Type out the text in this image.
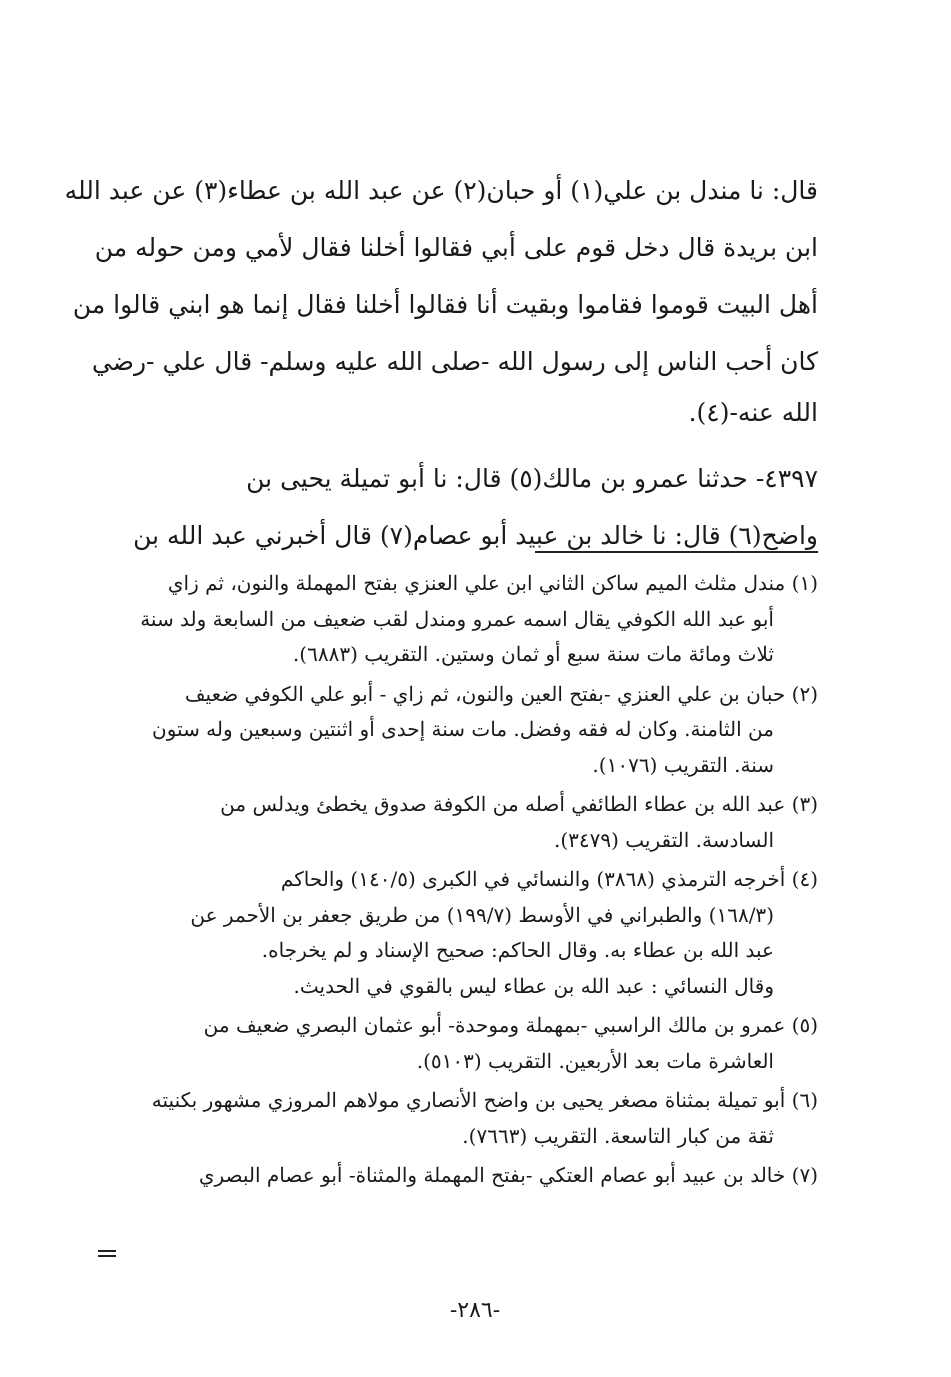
قال: نا مندل بن علي(١) أو حبان(٢) عن عبد الله بن عطاء(٣) عن عبد الله
ابن بريدة قال دخل قوم على أبي فقالوا أخلنا فقال لأمي ومن حوله من
أهل البيت قوموا فقاموا وبقيت أنا فقالوا أخلنا فقال إنما هو ابني قالوا من
كان أحب الناس إلى رسول الله -صلى الله عليه وسلم- قال علي -رضي
الله عنه-(٤).
٤٣٩٧- حدثنا عمرو بن مالك(٥) قال: نا أبو تميلة يحيى بن
واضح(٦) قال: نا خالد بن عبيد أبو عصام(٧) قال أخبرني عبد الله بن
(١) مندل مثلث الميم ساكن الثاني ابن علي العنزي بفتح المهملة والنون، ثم زاي
أبو عبد الله الكوفي يقال اسمه عمرو ومندل لقب ضعيف من السابعة ولد سنة
ثلاث ومائة مات سنة سبع أو ثمان وستين. التقريب (٦٨٨٣).
(٢) حبان بن علي العنزي -بفتح العين والنون، ثم زاي - أبو علي الكوفي ضعيف
من الثامنة. وكان له فقه وفضل. مات سنة إحدى أو اثنتين وسبعين وله ستون
سنة. التقريب (١٠٧٦).
(٣) عبد الله بن عطاء الطائفي أصله من الكوفة صدوق يخطئ ويدلس من
السادسة. التقريب (٣٤٧٩).
(٤) أخرجه الترمذي (٣٨٦٨) والنسائي في الكبرى (١٤٠/٥) والحاكم
(١٦٨/٣) والطبراني في الأوسط (١٩٩/٧) من طريق جعفر بن الأحمر عن
عبد الله بن عطاء به. وقال الحاكم: صحيح الإسناد و لم يخرجاه.
وقال النسائي : عبد الله بن عطاء ليس بالقوي في الحديث.
(٥) عمرو بن مالك الراسبي -بمهملة وموحدة- أبو عثمان البصري ضعيف من
العاشرة مات بعد الأربعين. التقريب (٥١٠٣).
(٦) أبو تميلة بمثناة مصغر يحيى بن واضح الأنصاري مولاهم المروزي مشهور بكنيته
ثقة من كبار التاسعة. التقريب (٧٦٦٣).
(٧) خالد بن عبيد أبو عصام العتكي -بفتح المهملة والمثناة- أبو عصام البصري
-٢٨٦-
